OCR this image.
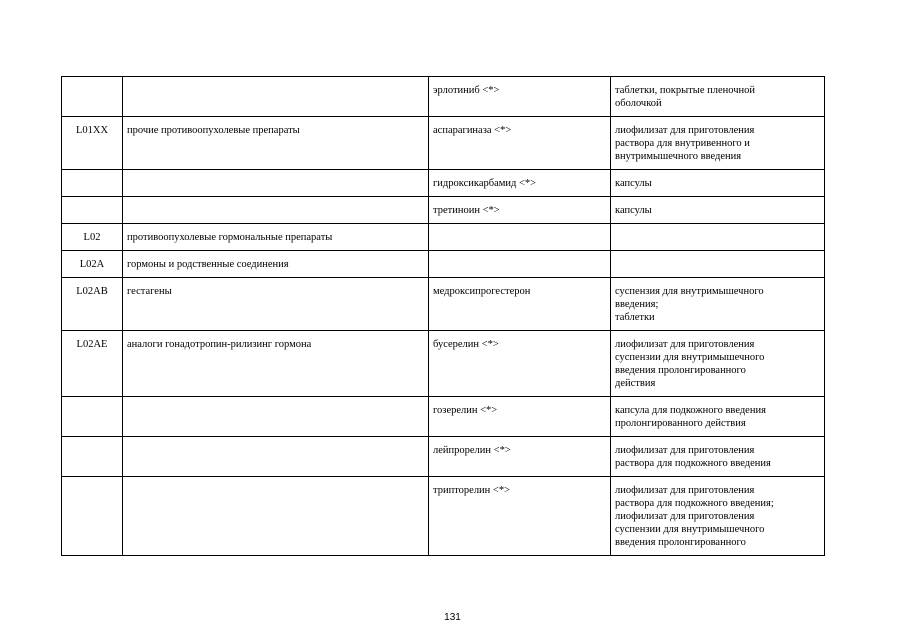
		эрлотиниб <*>	таблетки, покрытые пленочной
оболочкой
L01XX	прочие противоопухолевые препараты	аспарагиназа <*>	лиофилизат для приготовления
раствора для внутривенного и
внутримышечного введения
		гидроксикарбамид <*>	капсулы
		третиноин <*>	капсулы
L02	противоопухолевые гормональные препараты		
L02A	гормоны и родственные соединения		
L02AB	гестагены	медроксипрогестерон	суспензия для внутримышечного
введения;
таблетки
L02AE	аналоги гонадотропин-рилизинг гормона	бусерелин <*>	лиофилизат для приготовления
суспензии для внутримышечного
введения пролонгированного
действия
		гозерелин <*>	капсула для подкожного введения
пролонгированного действия
		лейпрорелин <*>	лиофилизат для приготовления
раствора для подкожного введения
		трипторелин <*>	лиофилизат для приготовления
раствора для подкожного введения;
лиофилизат для приготовления
суспензии для внутримышечного
введения пролонгированного
131
